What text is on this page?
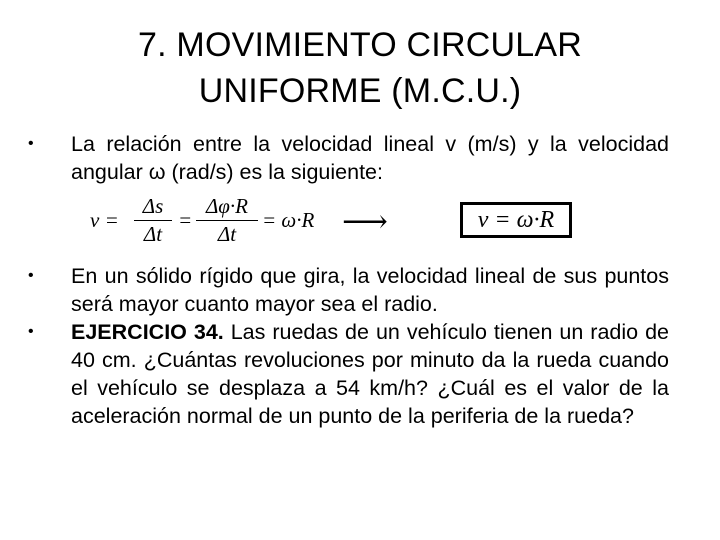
7. MOVIMIENTO CIRCULAR
UNIFORME (M.C.U.)
•	La relación entre la velocidad lineal v (m/s) y la velocidad angular ω (rad/s) es la siguiente:
v =
Δs
Δt
=
Δφ·R
Δt
= ω·R ⟶	v = ω·R
•	En un sólido rígido que gira, la velocidad lineal de sus puntos será mayor cuanto mayor sea el radio.
•	EJERCICIO 34. Las ruedas de un vehículo tienen un radio de 40 cm. ¿Cuántas revoluciones por minuto da la rueda cuando el vehículo se desplaza a 54 km/h? ¿Cuál es el valor de la aceleración normal de un punto de la periferia de la rueda?
